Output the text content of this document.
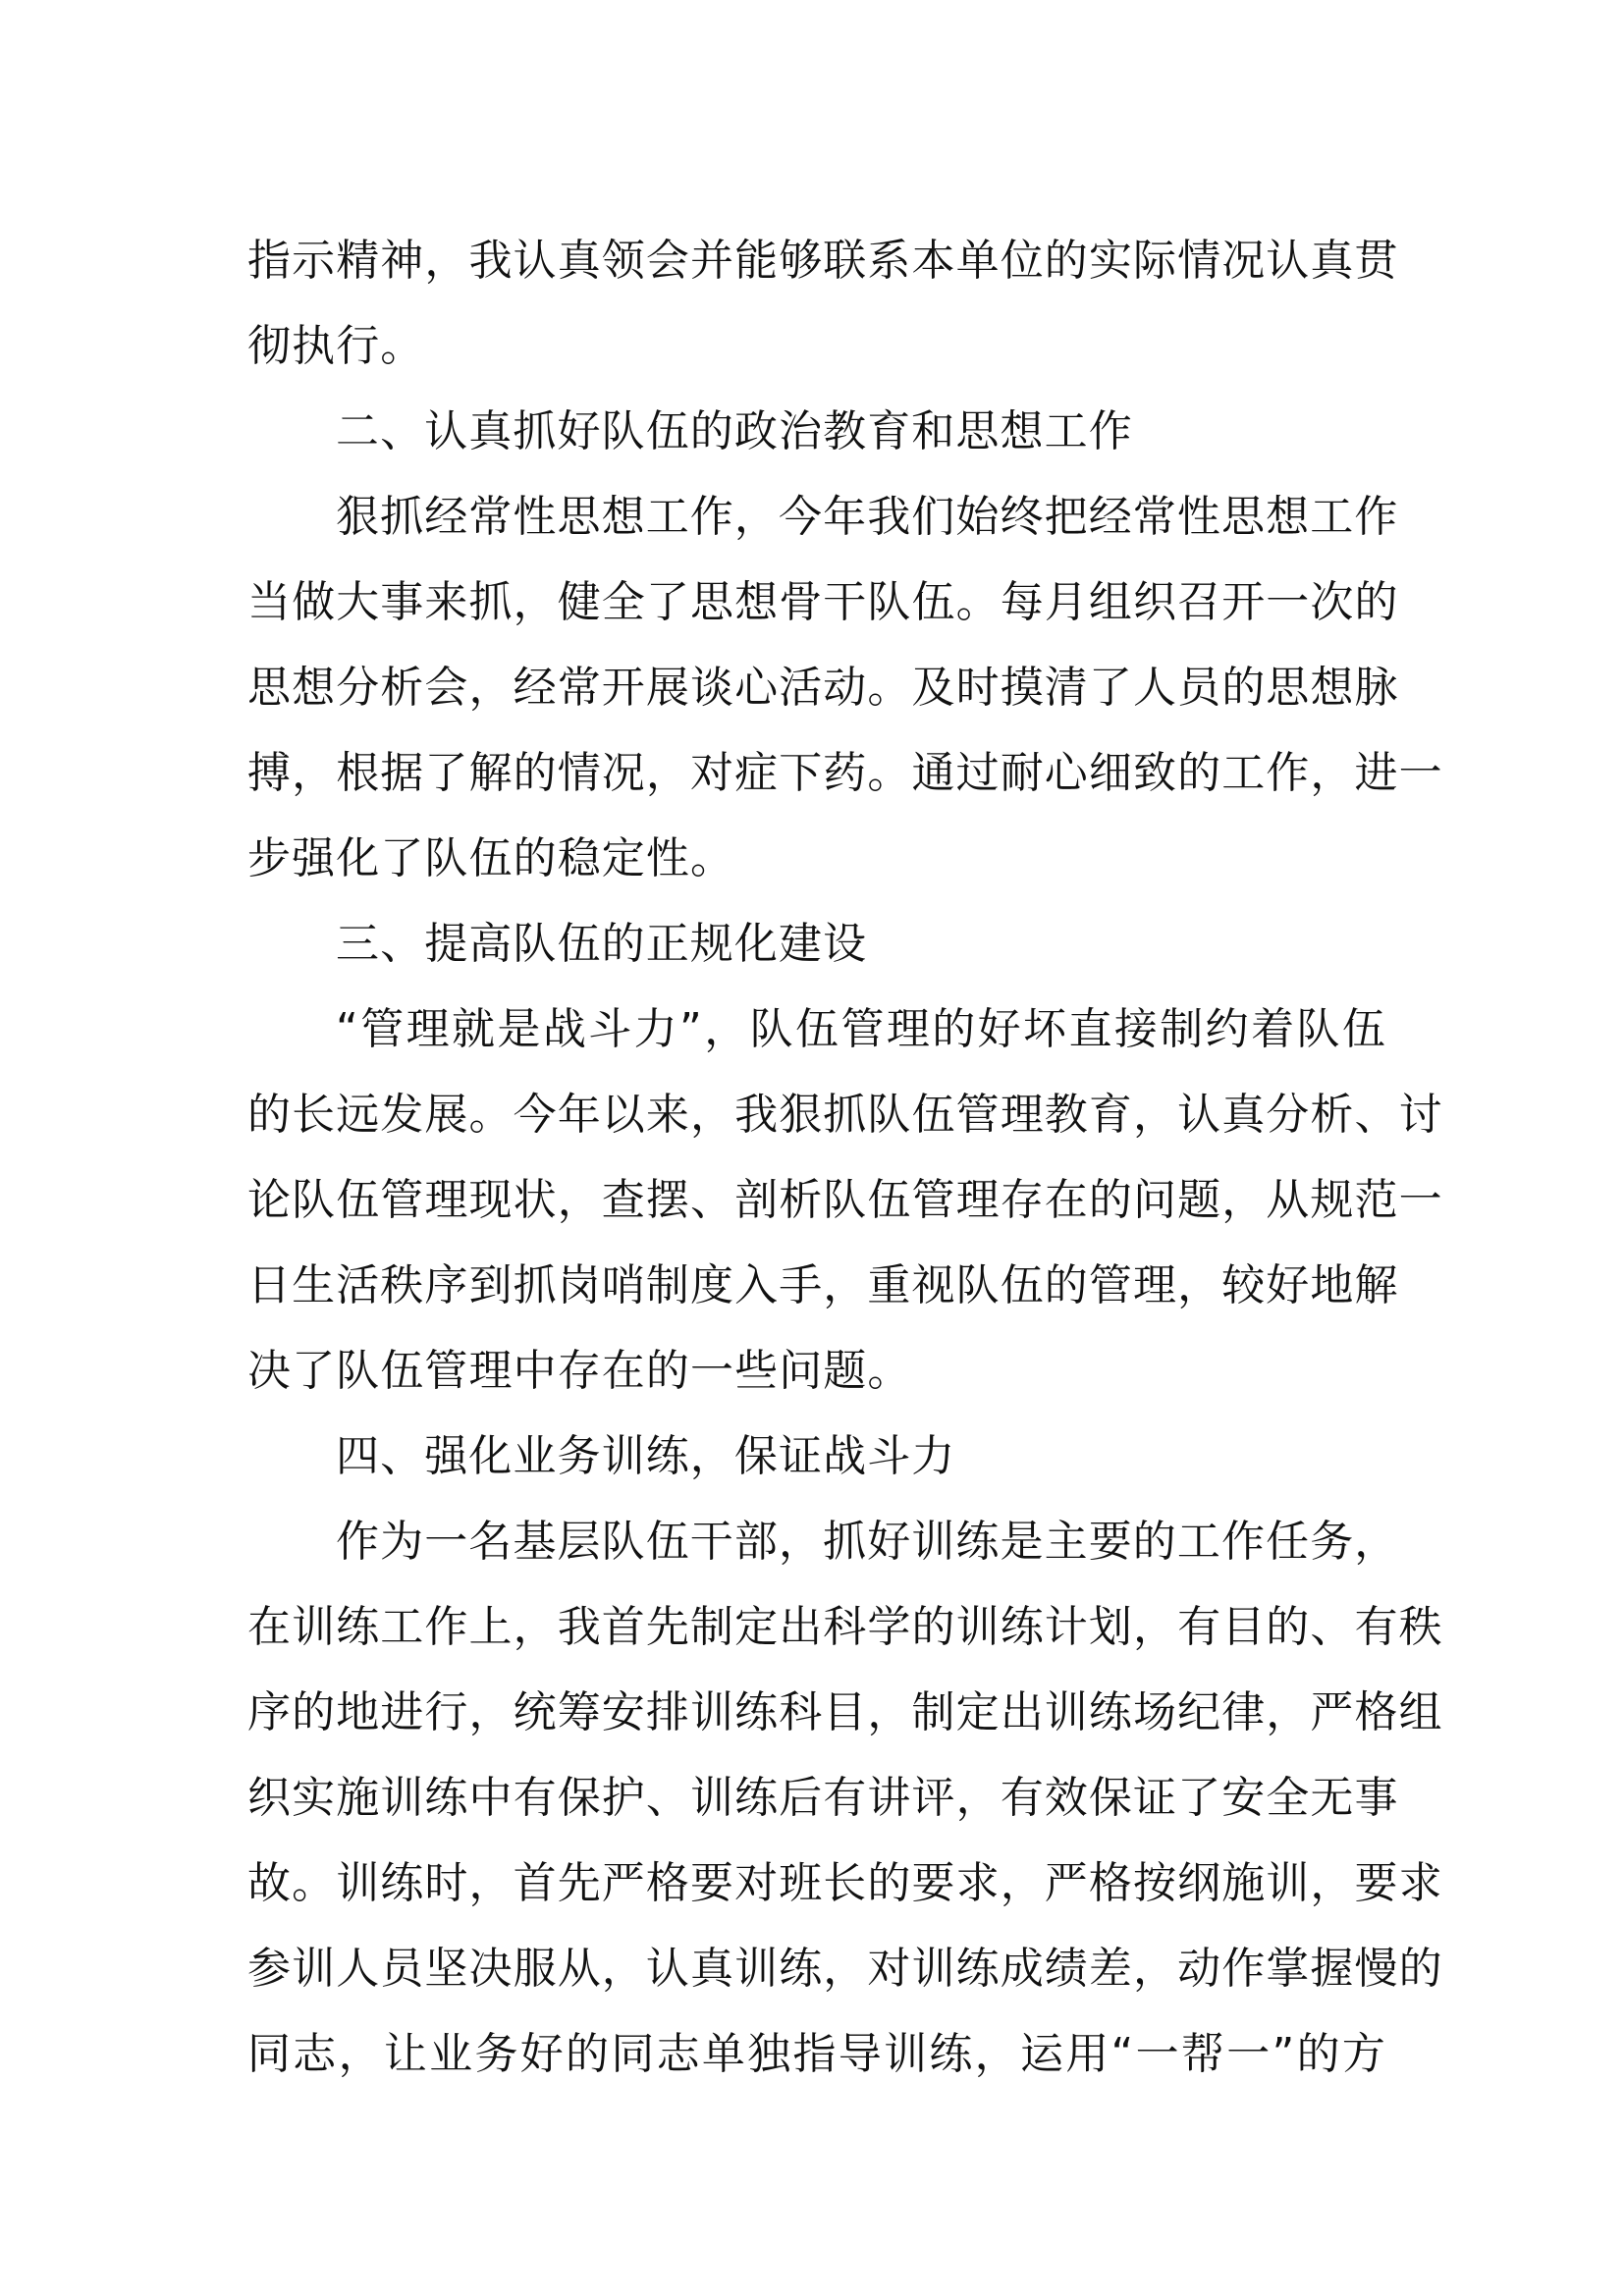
指示精神，我认真领会并能够联系本单位的实际情况认真贯
彻执行。

二、认真抓好队伍的政治教育和思想工作

狠抓经常性思想工作，今年我们始终把经常性思想工作
当做大事来抓，健全了思想骨干队伍。每月组织召开一次的
思想分析会，经常开展谈心活动。及时摸清了人员的思想脉
搏，根据了解的情况，对症下药。通过耐心细致的工作，进一
步强化了队伍的稳定性。

三、提高队伍的正规化建设

“管理就是战斗力”，队伍管理的好坏直接制约着队伍
的长远发展。今年以来，我狠抓队伍管理教育，认真分析、讨
论队伍管理现状，查摆、剖析队伍管理存在的问题，从规范一
日生活秩序到抓岗哨制度入手，重视队伍的管理，较好地解
决了队伍管理中存在的一些问题。

四、强化业务训练，保证战斗力

作为一名基层队伍干部，抓好训练是主要的工作任务，
在训练工作上，我首先制定出科学的训练计划，有目的、有秩
序的地进行，统筹安排训练科目，制定出训练场纪律，严格组
织实施训练中有保护、训练后有讲评，有效保证了安全无事
故。训练时，首先严格要对班长的要求，严格按纲施训，要求
参训人员坚决服从，认真训练，对训练成绩差，动作掌握慢的
同志，让业务好的同志单独指导训练，运用“一帮一”的方
